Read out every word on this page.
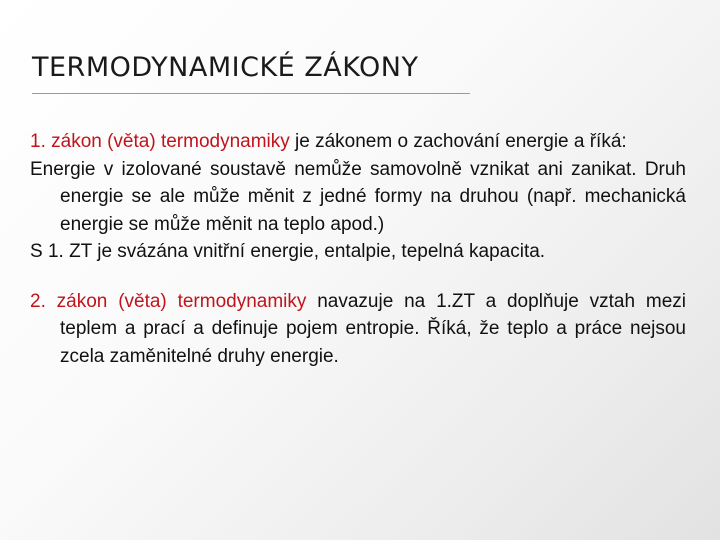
TERMODYNAMICKÉ ZÁKONY

1. zákon (věta) termodynamiky je zákonem o zachování energie a říká:

Energie v izolované soustavě nemůže samovolně vznikat ani zanikat. Druh energie se ale může měnit z jedné formy na druhou (např. mechanická energie se může měnit na teplo apod.)

S 1. ZT je svázána vnitřní energie, entalpie, tepelná kapacita.

2. zákon (věta) termodynamiky navazuje na 1.ZT a doplňuje vztah mezi teplem a prací a definuje pojem entropie. Říká, že teplo a práce nejsou zcela zaměnitelné druhy energie.
